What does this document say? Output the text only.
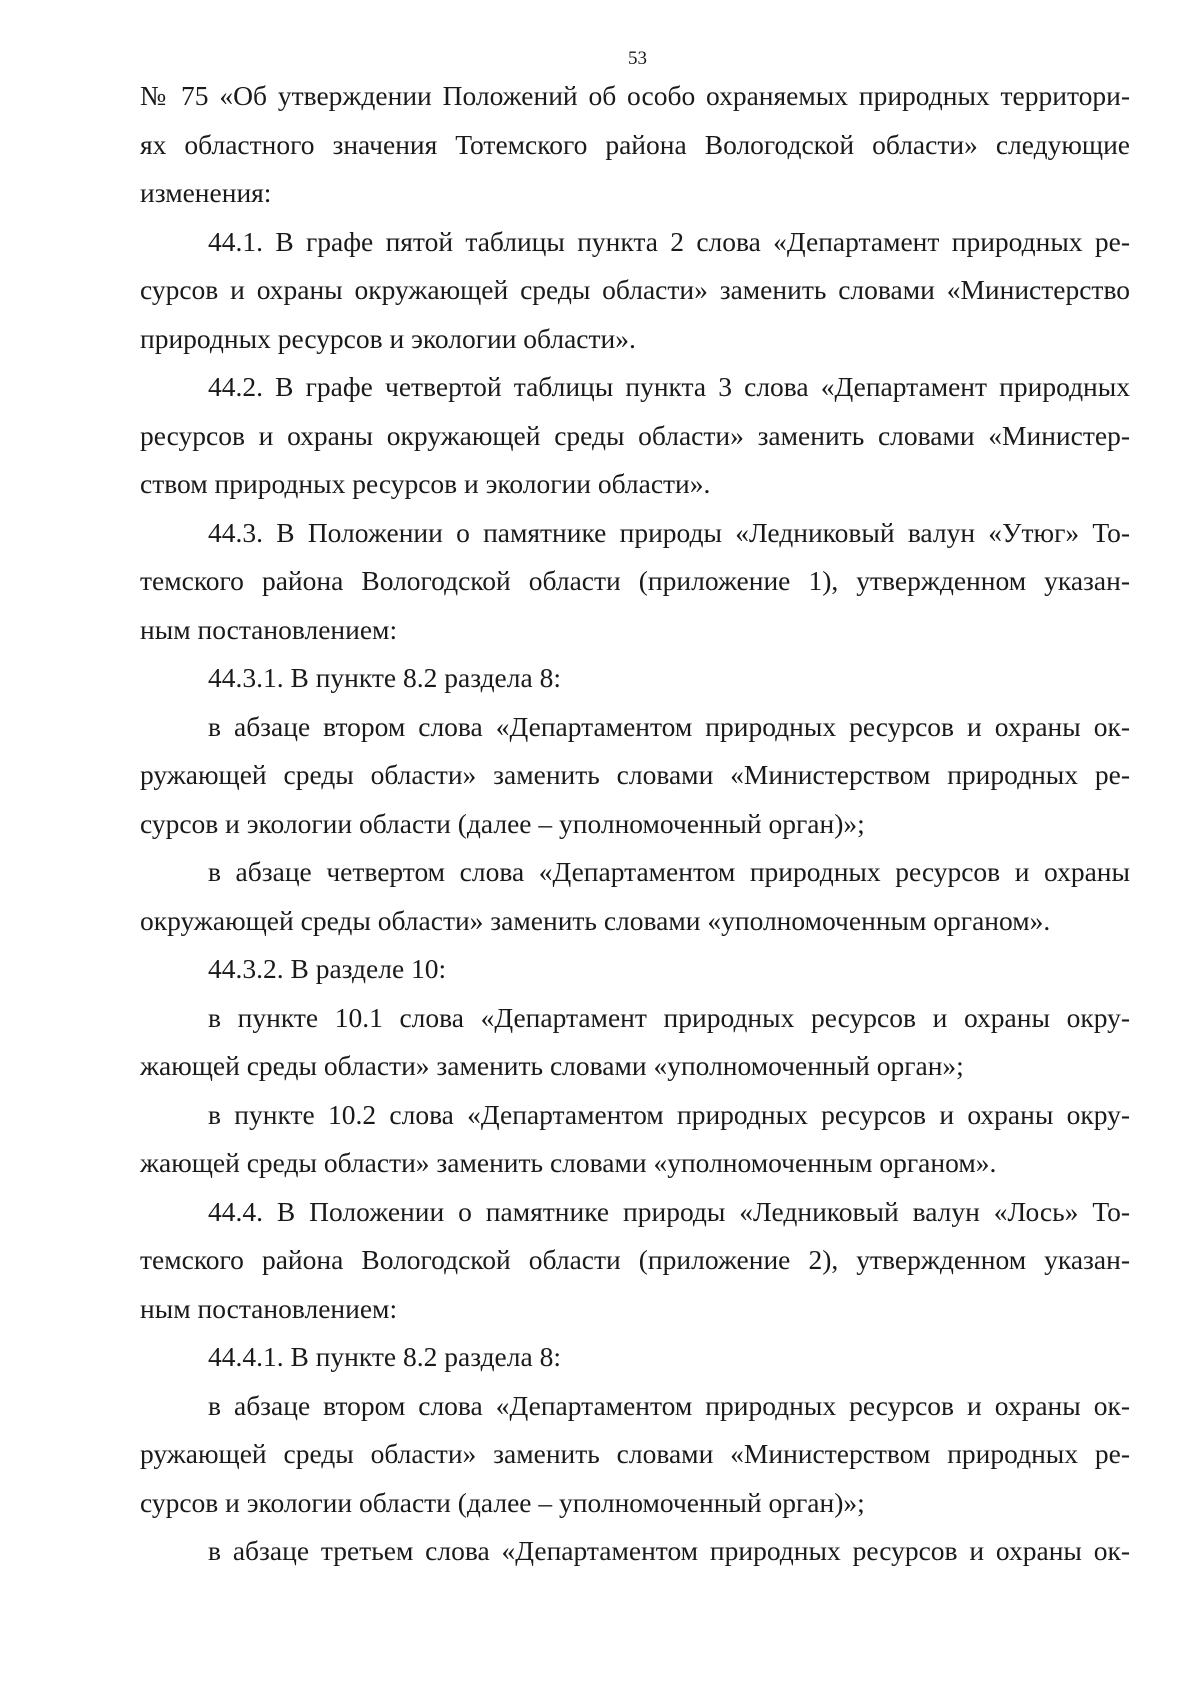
53
№ 75 «Об утверждении Положений об особо охраняемых природных территори-
ях областного значения Тотемского района Вологодской области» следующие
изменения:
44.1. В графе пятой таблицы пункта 2 слова «Департамент природных ре-
сурсов и охраны окружающей среды области» заменить словами «Министерство
природных ресурсов и экологии области».
44.2. В графе четвертой таблицы пункта 3 слова «Департамент природных
ресурсов и охраны окружающей среды области» заменить словами «Министер-
ством природных ресурсов и экологии области».
44.3. В Положении о памятнике природы «Ледниковый валун «Утюг» То-
темского района Вологодской области (приложение 1), утвержденном указан-
ным постановлением:
44.3.1. В пункте 8.2 раздела 8:
в абзаце втором слова «Департаментом природных ресурсов и охраны ок-
ружающей среды области» заменить словами «Министерством природных ре-
сурсов и экологии области (далее – уполномоченный орган)»;
в абзаце четвертом слова «Департаментом природных ресурсов и охраны
окружающей среды области» заменить словами «уполномоченным органом».
44.3.2. В разделе 10:
в пункте 10.1 слова «Департамент природных ресурсов и охраны окру-
жающей среды области» заменить словами «уполномоченный орган»;
в пункте 10.2 слова «Департаментом природных ресурсов и охраны окру-
жающей среды области» заменить словами «уполномоченным органом».
44.4. В Положении о памятнике природы «Ледниковый валун «Лось» То-
темского района Вологодской области (приложение 2), утвержденном указан-
ным постановлением:
44.4.1. В пункте 8.2 раздела 8:
в абзаце втором слова «Департаментом природных ресурсов и охраны ок-
ружающей среды области» заменить словами «Министерством природных ре-
сурсов и экологии области (далее – уполномоченный орган)»;
в абзаце третьем слова «Департаментом природных ресурсов и охраны ок-
